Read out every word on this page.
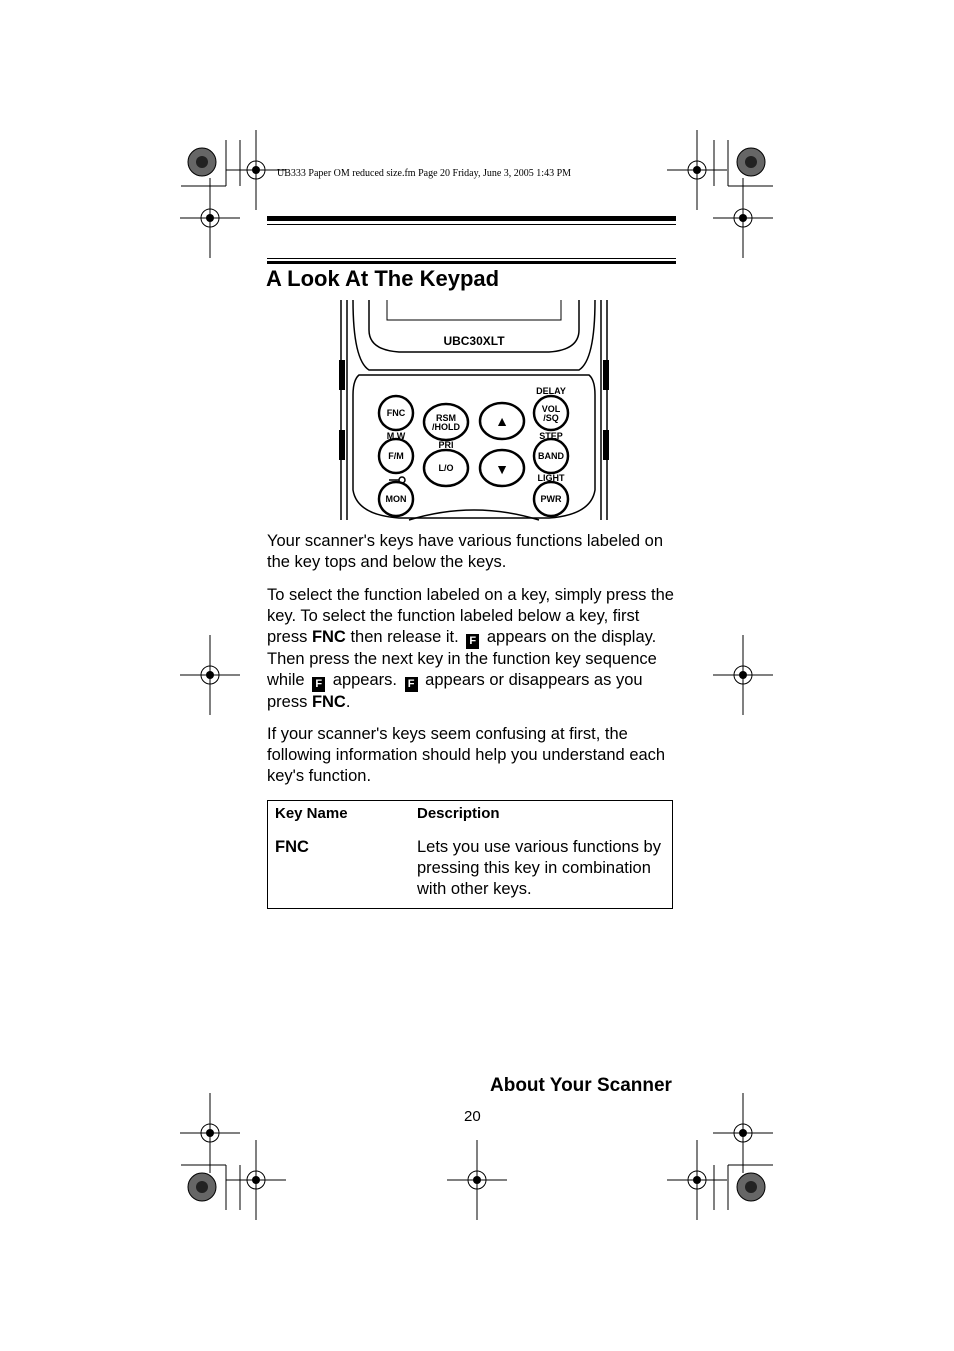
UB333 Paper OM reduced size.fm Page 20 Friday, June 3, 2005 1:43 PM
A Look At The Keypad
UBC30XLT
FNC	RSM
/HOLD	▲
VOL
/SQ
F/M
L/O	▼
BAND
MON	PWR
DELAY
M W
PRI
STEP
LIGHT
Your scanner's keys have various functions labeled on the key tops and below the keys.
To select the function labeled on a key, simply press the key. To select the function labeled below a key, first press FNC then release it. F appears on the display. Then press the next key in the function key sequence while F appears. F appears or disappears as you press FNC.
If your scanner's keys seem confusing at first, the following information should help you understand each key's function.
Key Name	Description
FNC	Lets you use various functions by pressing this key in combination with other keys.
About Your Scanner
20
